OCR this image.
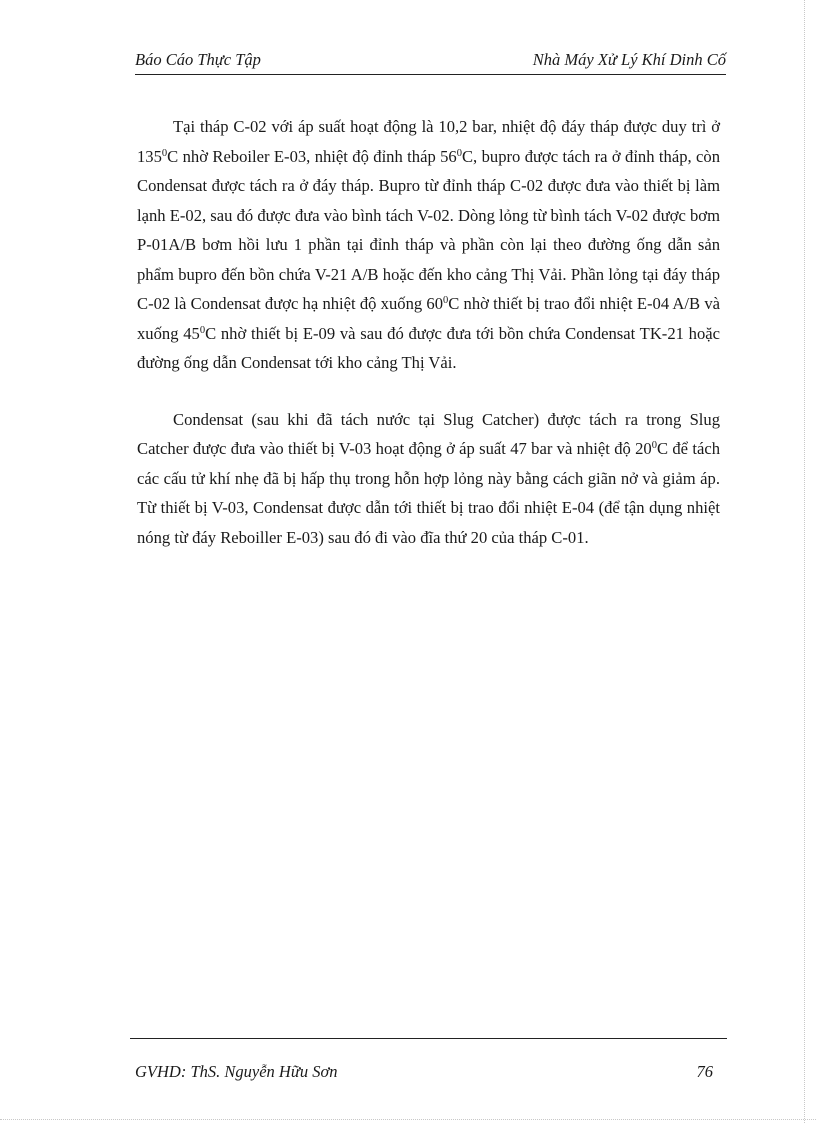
Báo Cáo Thực Tập	Nhà Máy Xử Lý Khí Dinh Cố

Tại tháp C-02 với áp suất hoạt động là 10,2 bar, nhiệt độ đáy tháp được duy trì ở $135^0C$ nhờ Reboiler E-03, nhiệt độ đỉnh tháp $56^0C$, bupro được tách ra ở đỉnh tháp, còn Condensat được tách ra ở đáy tháp. Bupro từ đỉnh tháp C-02 được đưa vào thiết bị làm lạnh E-02, sau đó được đưa vào bình tách V-02. Dòng lỏng từ bình tách V-02 được bơm P-01A/B bơm hồi lưu 1 phần tại đỉnh tháp và phần còn lại theo đường ống dẫn sản phẩm bupro đến bồn chứa V-21 A/B hoặc đến kho cảng Thị Vải. Phần lỏng tại đáy tháp C-02 là Condensat được hạ nhiệt độ xuống $60^0C$ nhờ thiết bị trao đổi nhiệt E-04 A/B và xuống $45^0C$ nhờ thiết bị E-09 và sau đó được đưa tới bồn chứa Condensat TK-21 hoặc đường ống dẫn Condensat tới kho cảng Thị Vải.

Condensat (sau khi đã tách nước tại Slug Catcher) được tách ra trong Slug Catcher được đưa vào thiết bị V-03 hoạt động ở áp suất 47 bar và nhiệt độ $20^0C$ để tách các cấu tử khí nhẹ đã bị hấp thụ trong hỗn hợp lỏng này bằng cách giãn nở và giảm áp. Từ thiết bị V-03, Condensat được dẫn tới thiết bị trao đổi nhiệt E-04 (để tận dụng nhiệt nóng từ đáy Reboiller E-03) sau đó đi vào đĩa thứ 20 của tháp C-01.

GVHD: ThS. Nguyễn Hữu Sơn	76
